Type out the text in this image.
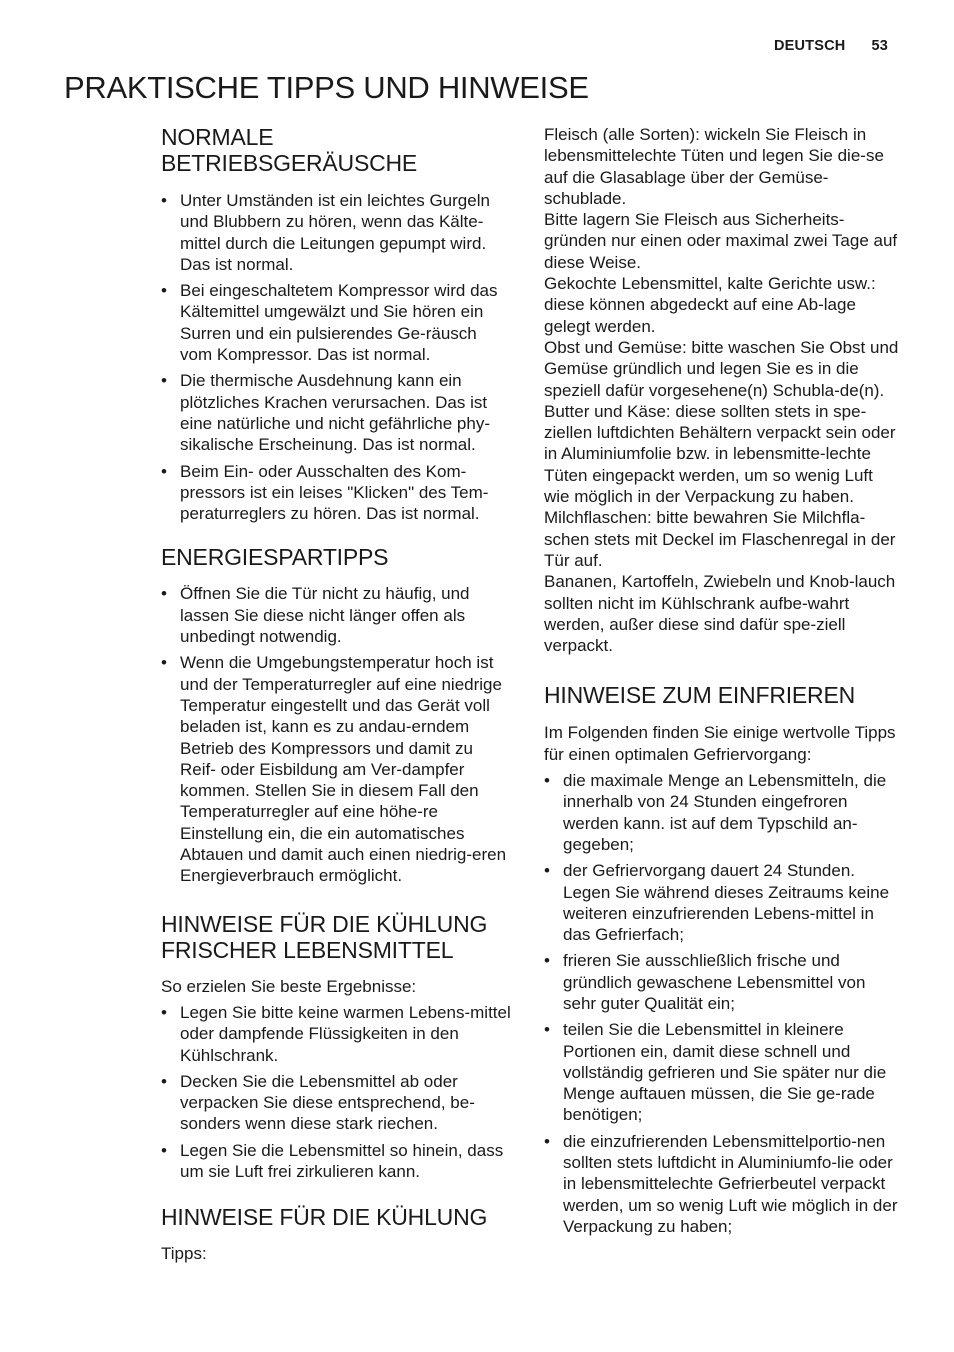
DEUTSCH 53
PRAKTISCHE TIPPS UND HINWEISE
NORMALE BETRIEBSGERÄUSCHE
• Unter Umständen ist ein leichtes Gurgeln und Blubbern zu hören, wenn das Kälte-mittel durch die Leitungen gepumpt wird. Das ist normal.
• Bei eingeschaltetem Kompressor wird das Kältemittel umgewälzt und Sie hören ein Surren und ein pulsierendes Ge-räusch vom Kompressor. Das ist normal.
• Die thermische Ausdehnung kann ein plötzliches Krachen verursachen. Das ist eine natürliche und nicht gefährliche phy-sikalische Erscheinung. Das ist normal.
• Beim Ein- oder Ausschalten des Kom-pressors ist ein leises "Klicken" des Tem-peraturreglers zu hören. Das ist normal.
ENERGIESPARTIPPS
• Öffnen Sie die Tür nicht zu häufig, und lassen Sie diese nicht länger offen als unbedingt notwendig.
• Wenn die Umgebungstemperatur hoch ist und der Temperaturregler auf eine niedrige Temperatur eingestellt und das Gerät voll beladen ist, kann es zu andau-erndem Betrieb des Kompressors und damit zu Reif- oder Eisbildung am Ver-dampfer kommen. Stellen Sie in diesem Fall den Temperaturregler auf eine höhe-re Einstellung ein, die ein automatisches Abtauen und damit auch einen niedrig-eren Energieverbrauch ermöglicht.
HINWEISE FÜR DIE KÜHLUNG FRISCHER LEBENSMITTEL

So erzielen Sie beste Ergebnisse:

• Legen Sie bitte keine warmen Lebens-mittel oder dampfende Flüssigkeiten in den Kühlschrank.
• Decken Sie die Lebensmittel ab oder verpacken Sie diese entsprechend, be-sonders wenn diese stark riechen.
• Legen Sie die Lebensmittel so hinein, dass um sie Luft frei zirkulieren kann.
HINWEISE FÜR DIE KÜHLUNG

Tipps:

Fleisch (alle Sorten): wickeln Sie Fleisch in lebensmittelechte Tüten und legen Sie die-se auf die Glasablage über der Gemüse-schublade.

Bitte lagern Sie Fleisch aus Sicherheits-gründen nur einen oder maximal zwei Tage auf diese Weise.

Gekochte Lebensmittel, kalte Gerichte usw.: diese können abgedeckt auf eine Ab-lage gelegt werden.

Obst und Gemüse: bitte waschen Sie Obst und Gemüse gründlich und legen Sie es in die speziell dafür vorgesehene(n) Schubla-de(n).

Butter und Käse: diese sollten stets in spe-ziellen luftdichten Behältern verpackt sein oder in Aluminiumfolie bzw. in lebensmitte-lechte Tüten eingepackt werden, um so wenig Luft wie möglich in der Verpackung zu haben.

Milchflaschen: bitte bewahren Sie Milchfla-schen stets mit Deckel im Flaschenregal in der Tür auf.

Bananen, Kartoffeln, Zwiebeln und Knob-lauch sollten nicht im Kühlschrank aufbe-wahrt werden, außer diese sind dafür spe-ziell verpackt.

HINWEISE ZUM EINFRIEREN

Im Folgenden finden Sie einige wertvolle Tipps für einen optimalen Gefriervorgang:

• die maximale Menge an Lebensmitteln, die innerhalb von 24 Stunden eingefroren werden kann. ist auf dem Typschild an-gegeben;
• der Gefriervorgang dauert 24 Stunden. Legen Sie während dieses Zeitraums keine weiteren einzufrierenden Lebens-mittel in das Gefrierfach;
• frieren Sie ausschließlich frische und gründlich gewaschene Lebensmittel von sehr guter Qualität ein;
• teilen Sie die Lebensmittel in kleinere Portionen ein, damit diese schnell und vollständig gefrieren und Sie später nur die Menge auftauen müssen, die Sie ge-rade benötigen;
• die einzufrierenden Lebensmittelportio-nen sollten stets luftdicht in Aluminiumfo-lie oder in lebensmittelechte Gefrierbeutel verpackt werden, um so wenig Luft wie möglich in der Verpackung zu haben;
